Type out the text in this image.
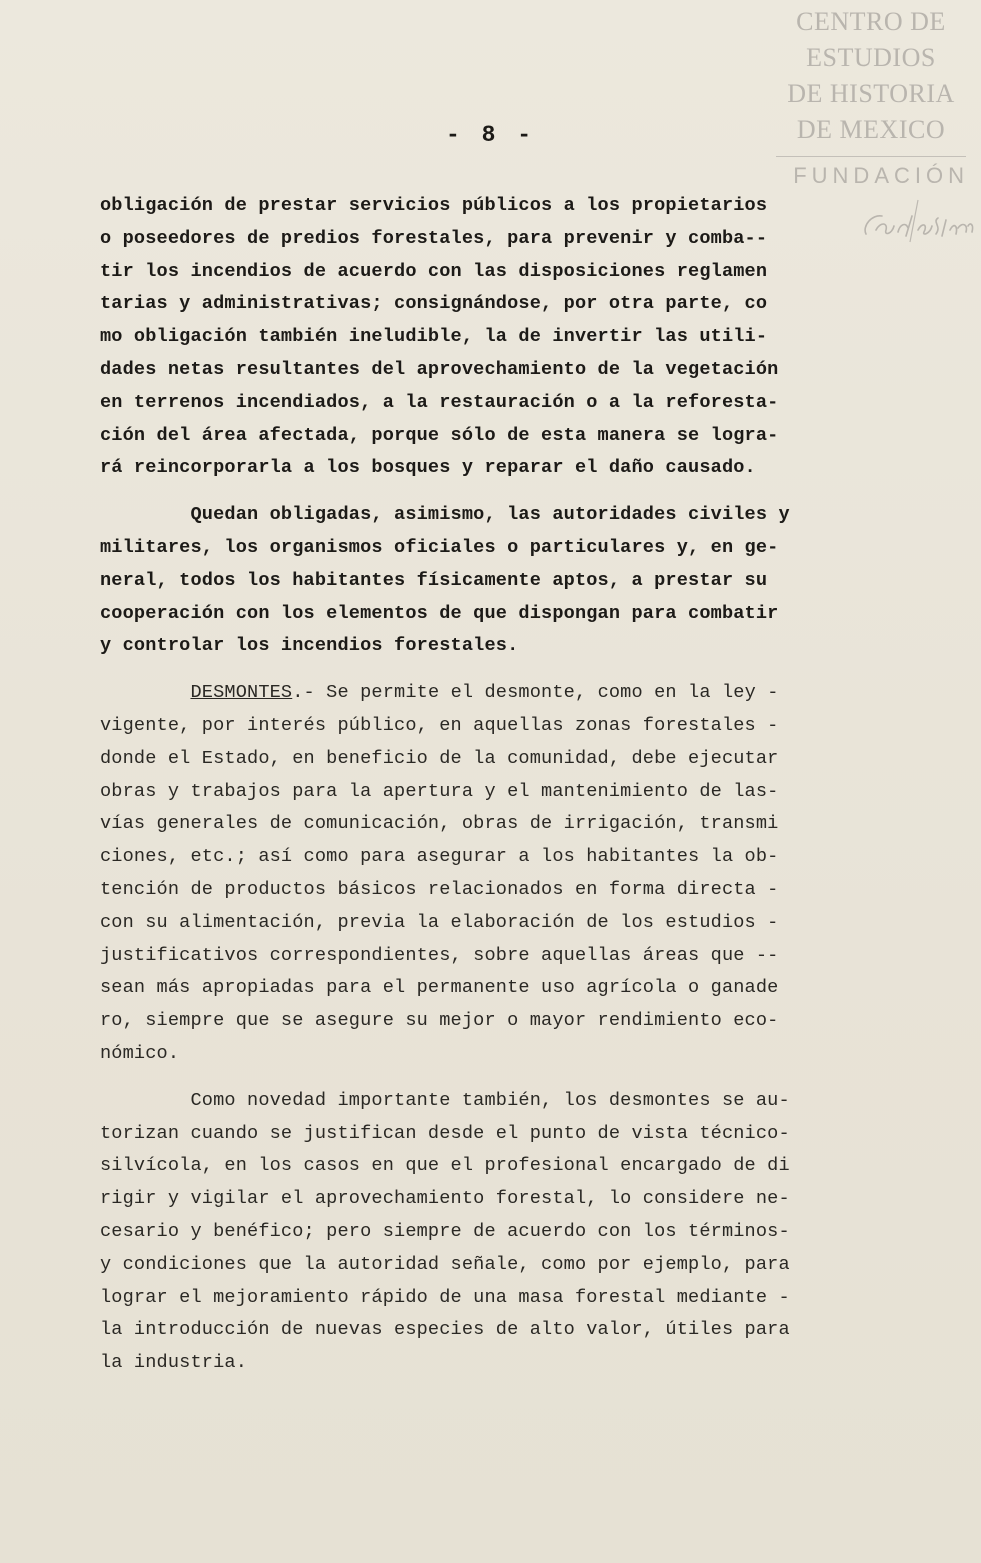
CENTRO DE
ESTUDIOS
DE HISTORIA
DE MEXICO
FUNDACIÓN
- 8 -
obligación de prestar servicios públicos a los propietarios
o poseedores de predios forestales, para prevenir y comba--
tir los incendios de acuerdo con las disposiciones reglamen
tarias y administrativas; consignándose, por otra parte, co
mo obligación también ineludible, la de invertir las utili-
dades netas resultantes del aprovechamiento de la vegetación
en terrenos incendiados, a la restauración o a la reforesta-
ción del área afectada, porque sólo de esta manera se logra-
rá reincorporarla a los bosques y reparar el daño causado.
Quedan obligadas, asimismo, las autoridades civiles y
militares, los organismos oficiales o particulares y, en ge-
neral, todos los habitantes físicamente aptos, a prestar su
cooperación con los elementos de que dispongan para combatir
y controlar los incendios forestales.
DESMONTES.- Se permite el desmonte, como en la ley -
vigente, por interés público, en aquellas zonas forestales -
donde el Estado, en beneficio de la comunidad, debe ejecutar
obras y trabajos para la apertura y el mantenimiento de las-
vías generales de comunicación, obras de irrigación, transmi
ciones, etc.; así como para asegurar a los habitantes la ob-
tención de productos básicos relacionados en forma directa -
con su alimentación, previa la elaboración de los estudios -
justificativos correspondientes, sobre aquellas áreas que --
sean más apropiadas para el permanente uso agrícola o ganade
ro, siempre que se asegure su mejor o mayor rendimiento eco-
nómico.
Como novedad importante también, los desmontes se au-
torizan cuando se justifican desde el punto de vista técnico-
silvícola, en los casos en que el profesional encargado de di
rigir y vigilar el aprovechamiento forestal, lo considere ne-
cesario y benéfico; pero siempre de acuerdo con los términos-
y condiciones que la autoridad señale, como por ejemplo, para
lograr el mejoramiento rápido de una masa forestal mediante -
la introducción de nuevas especies de alto valor, útiles para
la industria.
